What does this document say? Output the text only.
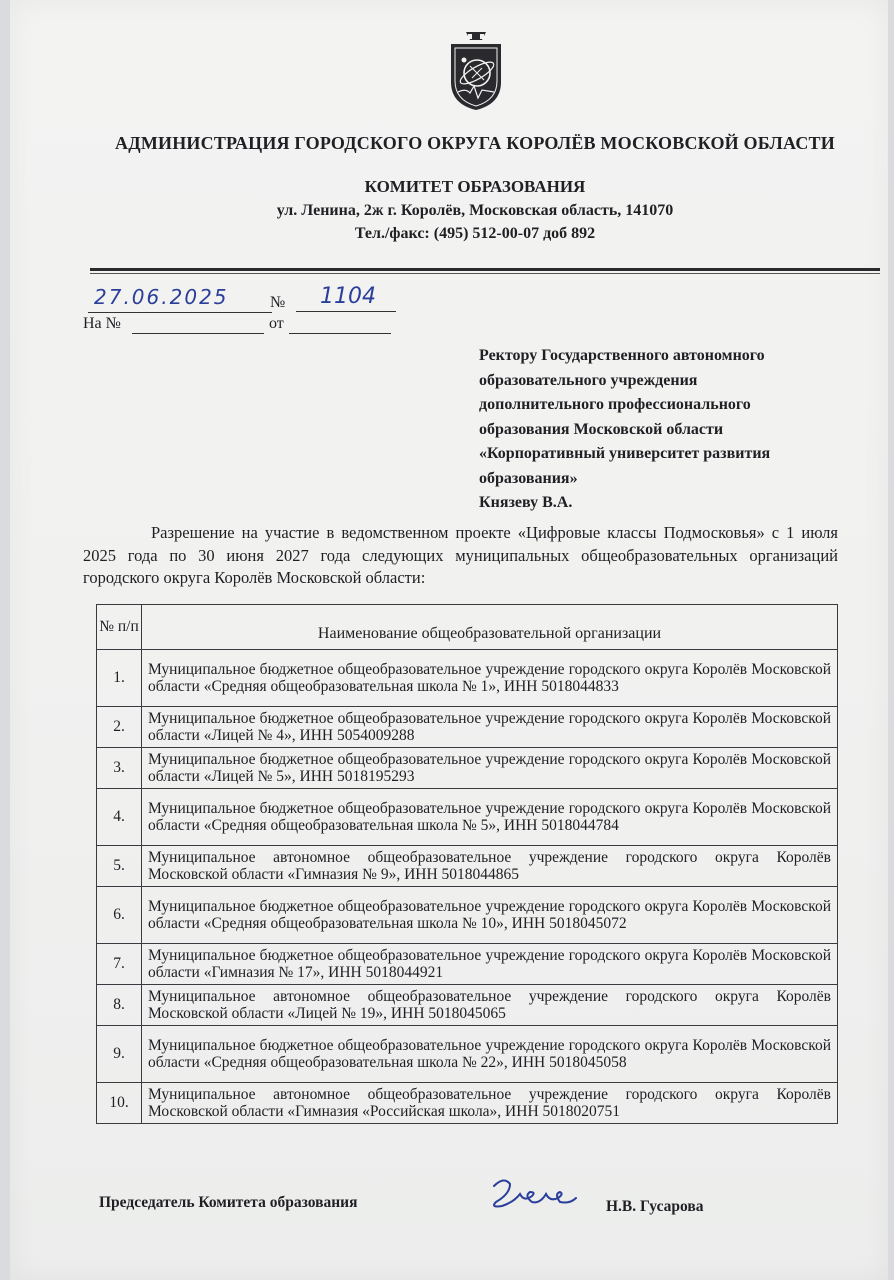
АДМИНИСТРАЦИЯ ГОРОДСКОГО ОКРУГА КОРОЛЁВ МОСКОВСКОЙ ОБЛАСТИ
КОМИТЕТ ОБРАЗОВАНИЯ
ул. Ленина, 2ж г. Королёв, Московская область, 141070
Тел./факс: (495) 512-00-07 доб 892
27.06.2025	№	1104
На №	от
Ректору Государственного автономного
образовательного учреждения
дополнительного профессионального
образования Московской области
«Корпоративный университет развития
образования»
Князеву В.А.
Разрешение на участие в ведомственном проекте «Цифровые классы Подмосковья» с 1 июля 2025 года по 30 июня 2027 года следующих муниципальных общеобразовательных организаций городского округа Королёв Московской области:
№ п/п	Наименование общеобразовательной организации
1.	Муниципальное бюджетное общеобразовательное учреждение городского округа Королёв Московской области «Средняя общеобразовательная школа № 1», ИНН 5018044833
2.	Муниципальное бюджетное общеобразовательное учреждение городского округа Королёв Московской области «Лицей № 4», ИНН 5054009288
3.	Муниципальное бюджетное общеобразовательное учреждение городского округа Королёв Московской области «Лицей № 5», ИНН 5018195293
4.	Муниципальное бюджетное общеобразовательное учреждение городского округа Королёв Московской области «Средняя общеобразовательная школа № 5», ИНН 5018044784
5.	Муниципальное автономное общеобразовательное учреждение городского округа Королёв Московской области «Гимназия № 9», ИНН 5018044865
6.	Муниципальное бюджетное общеобразовательное учреждение городского округа Королёв Московской области «Средняя общеобразовательная школа № 10», ИНН 5018045072
7.	Муниципальное бюджетное общеобразовательное учреждение городского округа Королёв Московской области «Гимназия № 17», ИНН 5018044921
8.	Муниципальное автономное общеобразовательное учреждение городского округа Королёв Московской области «Лицей № 19», ИНН 5018045065
9.	Муниципальное бюджетное общеобразовательное учреждение городского округа Королёв Московской области «Средняя общеобразовательная школа № 22», ИНН 5018045058
10.	Муниципальное автономное общеобразовательное учреждение городского округа Королёв Московской области «Гимназия «Российская школа», ИНН 5018020751
Председатель Комитета образования	Н.В. Гусарова
